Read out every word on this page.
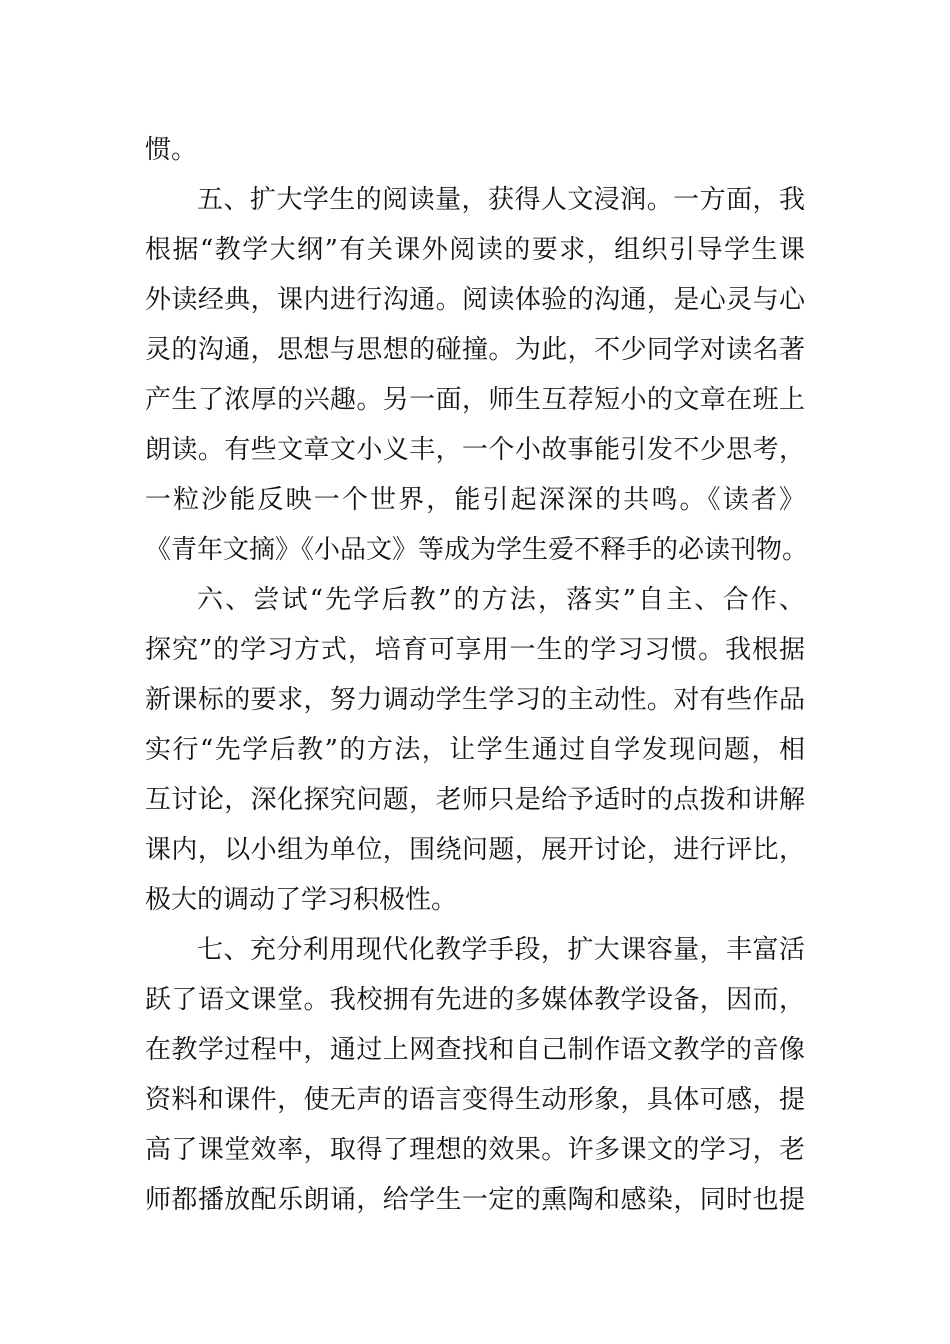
惯。
五、扩大学生的阅读量，获得人文浸润。一方面，我
根据“教学大纲”有关课外阅读的要求，组织引导学生课
外读经典，课内进行沟通。阅读体验的沟通，是心灵与心
灵的沟通，思想与思想的碰撞。为此，不少同学对读名著
产生了浓厚的兴趣。另一面，师生互荐短小的文章在班上
朗读。有些文章文小义丰，一个小故事能引发不少思考，
一粒沙能反映一个世界，能引起深深的共鸣。《读者》
《青年文摘》《小品文》等成为学生爱不释手的必读刊物。
六、尝试“先学后教”的方法，落实”自主、合作、
探究”的学习方式，培育可享用一生的学习习惯。我根据
新课标的要求，努力调动学生学习的主动性。对有些作品
实行“先学后教”的方法，让学生通过自学发现问题，相
互讨论，深化探究问题，老师只是给予适时的点拨和讲解
课内，以小组为单位，围绕问题，展开讨论，进行评比，
极大的调动了学习积极性。
七、充分利用现代化教学手段，扩大课容量，丰富活
跃了语文课堂。我校拥有先进的多媒体教学设备，因而，
在教学过程中，通过上网查找和自己制作语文教学的音像
资料和课件，使无声的语言变得生动形象，具体可感，提
高了课堂效率，取得了理想的效果。许多课文的学习，老
师都播放配乐朗诵，给学生一定的熏陶和感染，同时也提
